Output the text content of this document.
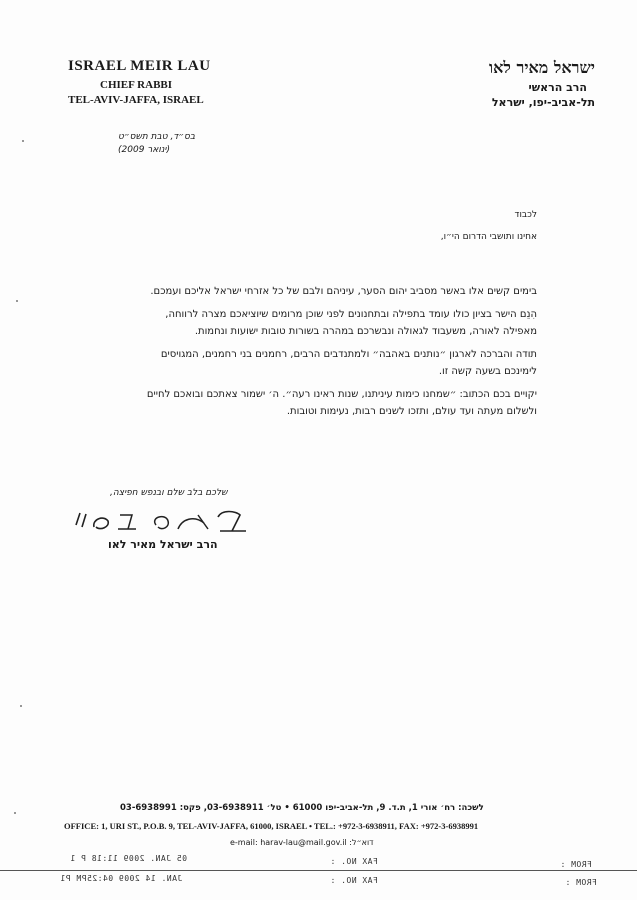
ISRAEL MEIR LAU
CHIEF RABBI
TEL-AVIV-JAFFA, ISRAEL
ישראל מאיר לאו
הרב הראשי
תל-אביב-יפו, ישראל
בס״ד, טבת תשס״ט
(ינואר 2009)
לכבוד
אחינו ותושבי הדרום הי״ו,
בימים קשים אלו באשר מסביב יהום הסער, עיניהם ולבם של כל אזרחי ישראל אליכם ועמכם.
הִנֵם הישר בציון כולו עומד בתפילה ובתחנונים לפני שוכן מרומים שיוציאכם מצרה לרווחה,
מאפילה לאורה, משעבוד לגאולה ונבשרכם במהרה בשורות טובות ישועות ונחמות.
תודה והברכה לארגון ״נותנים באהבה״ ולמתנדבים הרבים, רחמנים בני רחמנים, המגויסים
לימינכם בשעה קשה זו.
יקויים בכם הכתוב: ״שמחנו כימות עיניתנו, שנות ראינו רעה״. ה׳ ישמור צאתכם ובואכם לחיים
ולשלום מעתה ועד עולם, ותזכו לשנים רבות, נעימות וטובות.
שלכם בלב שלם ובנפש חפיצה,
הרב ישראל מאיר לאו
לשכה: רח׳ אורי 1, ת.ד. 9, תל-אביב-יפו 61000 • טל׳ 03-6938911, פקס: 03-6938991
OFFICE: 1, URI ST., P.O.B. 9, TEL-AVIV-JAFFA, 61000, ISRAEL • TEL.: +972-3-6938911, FAX: +972-3-6938991
e-mail: harav-lau@mail.gov.il :דוא״ל
05 JAN. 2009 11:18 P 1	FAX NO. :	FROM :
JAN. 14 2009 04:25PM P1	FAX NO. :	FROM :
